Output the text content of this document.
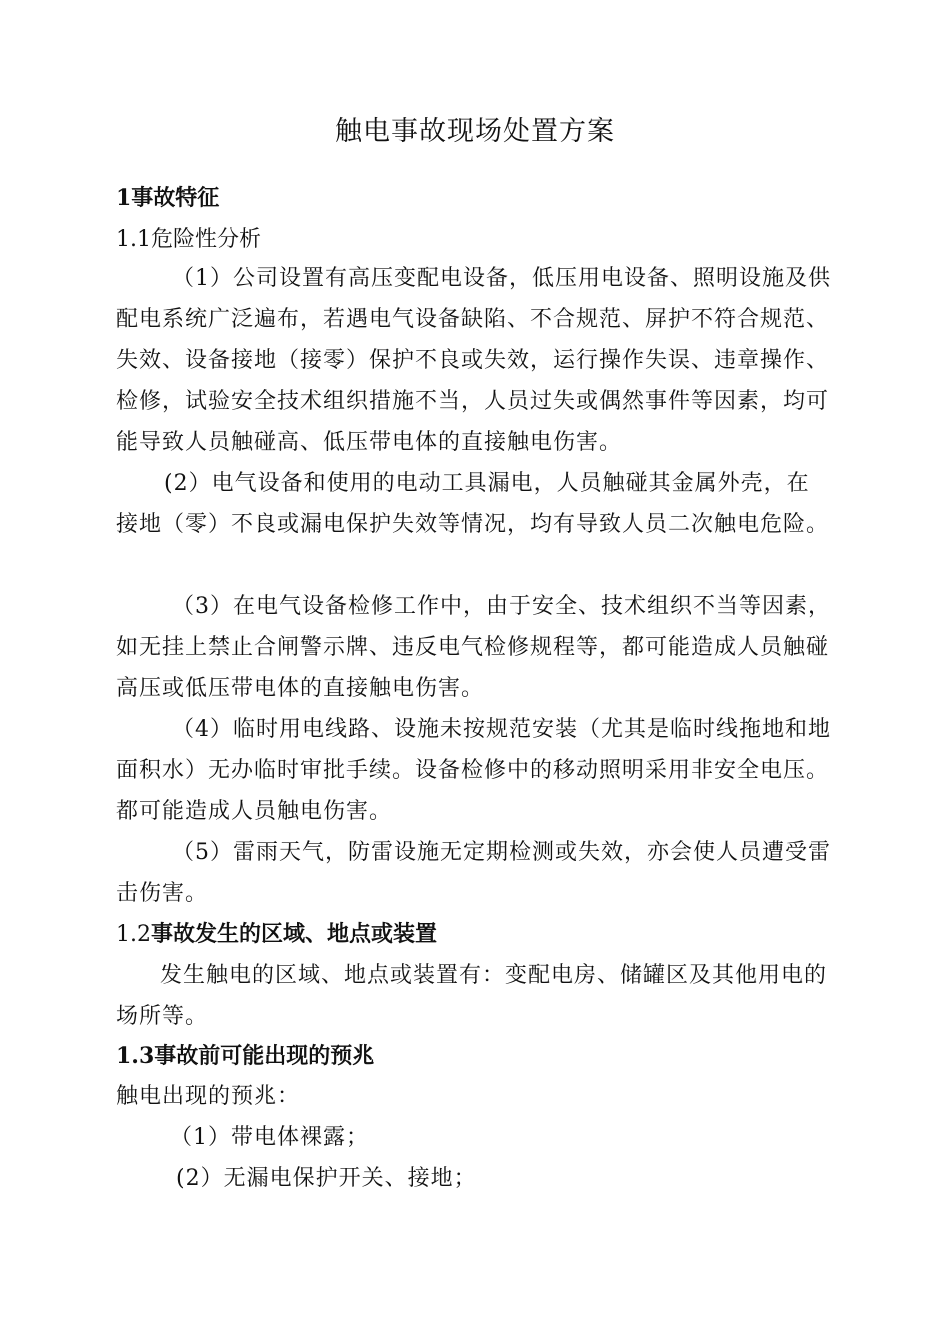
触电事故现场处置方案
1事故特征
1.1危险性分析
（1）公司设置有高压变配电设备，低压用电设备、照明设施及供配电系统广泛遍布，若遇电气设备缺陷、不合规范、屏护不符合规范、失效、设备接地（接零）保护不良或失效，运行操作失误、违章操作、检修，试验安全技术组织措施不当，人员过失或偶然事件等因素，均可能导致人员触碰高、低压带电体的直接触电伤害。
(2）电气设备和使用的电动工具漏电，人员触碰其金属外壳，在接地（零）不良或漏电保护失效等情况，均有导致人员二次触电危险。
（3）在电气设备检修工作中，由于安全、技术组织不当等因素，如无挂上禁止合闸警示牌、违反电气检修规程等，都可能造成人员触碰高压或低压带电体的直接触电伤害。
（4）临时用电线路、设施未按规范安装（尤其是临时线拖地和地面积水）无办临时审批手续。设备检修中的移动照明采用非安全电压。都可能造成人员触电伤害。
（5）雷雨天气，防雷设施无定期检测或失效，亦会使人员遭受雷击伤害。
1.2事故发生的区域、地点或装置
发生触电的区域、地点或装置有：变配电房、储罐区及其他用电的场所等。
1.3事故前可能出现的预兆
触电出现的预兆：
（1）带电体裸露；
(2）无漏电保护开关、接地；
